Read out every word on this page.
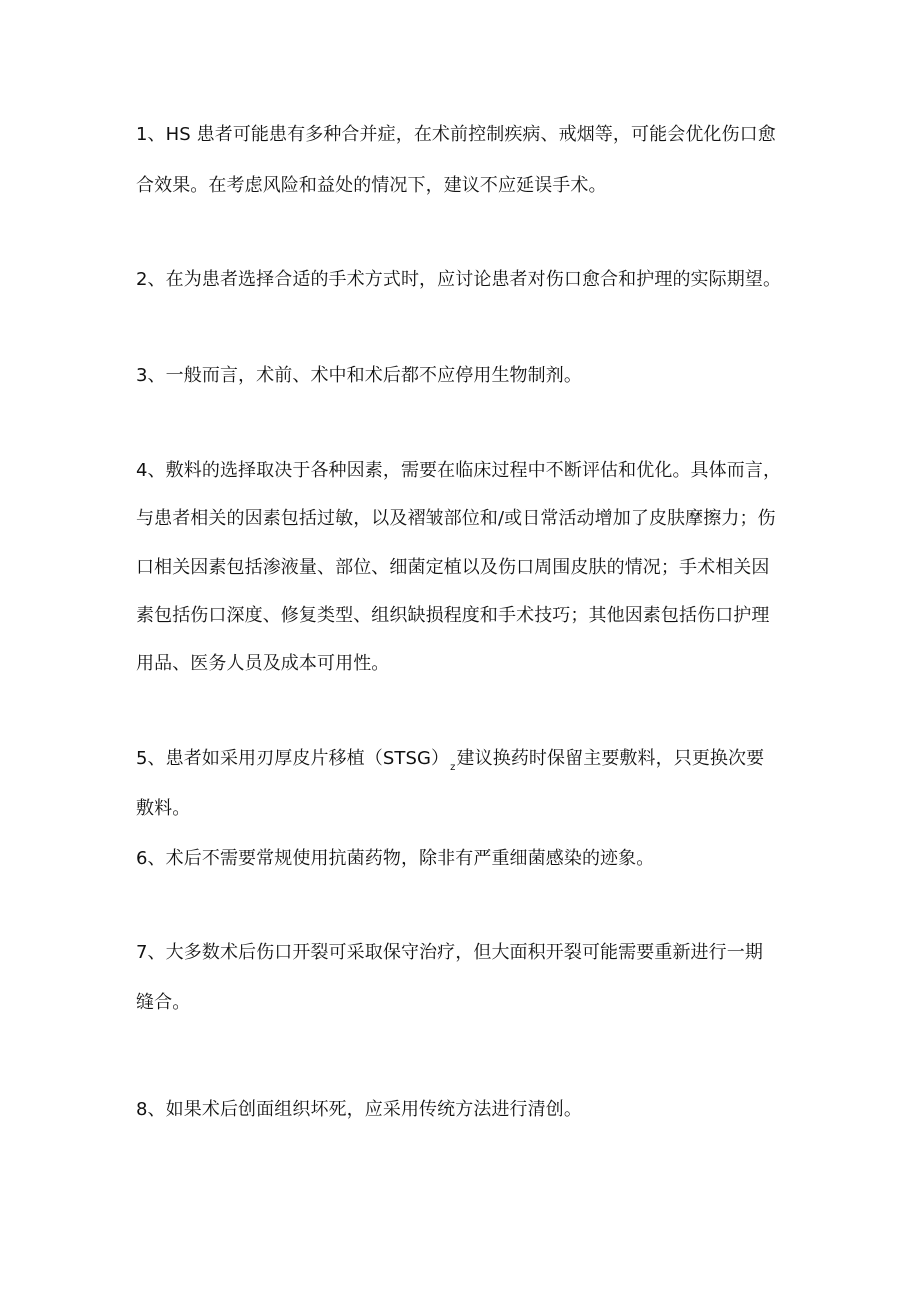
1、HS 患者可能患有多种合并症，在术前控制疾病、戒烟等，可能会优化伤口愈
合效果。在考虑风险和益处的情况下，建议不应延误手术。
2、在为患者选择合适的手术方式时，应讨论患者对伤口愈合和护理的实际期望。
3、一般而言，术前、术中和术后都不应停用生物制剂。
4、敷料的选择取决于各种因素，需要在临床过程中不断评估和优化。具体而言，
与患者相关的因素包括过敏，以及褶皱部位和/或日常活动增加了皮肤摩擦力；伤
口相关因素包括渗液量、部位、细菌定植以及伤口周围皮肤的情况；手术相关因
素包括伤口深度、修复类型、组织缺损程度和手术技巧；其他因素包括伤口护理
用品、医务人员及成本可用性。
5、患者如采用刃厚皮片移植$(STSG)_z$建议换药时保留主要敷料，只更换次要
敷料。
6、术后不需要常规使用抗菌药物，除非有严重细菌感染的迹象。
7、大多数术后伤口开裂可采取保守治疗，但大面积开裂可能需要重新进行一期
缝合。
8、如果术后创面组织坏死，应采用传统方法进行清创。
